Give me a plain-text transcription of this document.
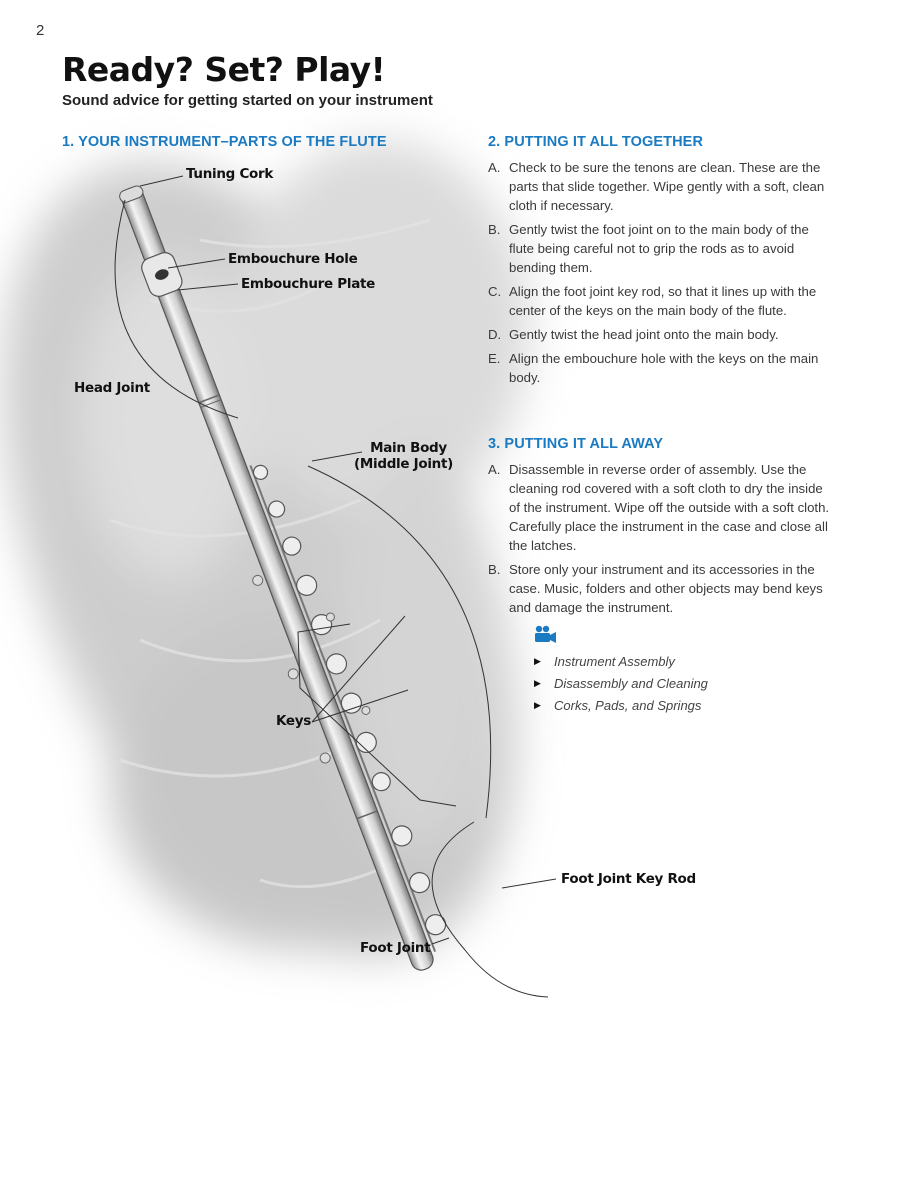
2
Ready? Set? Play!
Sound advice for getting started on your instrument
Tuning Cork
Embouchure Hole
Embouchure Plate
Head Joint
Main Body
(Middle Joint)
Keys
Foot Joint Key Rod
Foot Joint
1. YOUR INSTRUMENT–PARTS OF THE FLUTE	2. PUTTING IT ALL TOGETHER
3. PUTTING IT ALL AWAY
A. Check to be sure the tenons are clean. These are the parts that slide together. Wipe gently with a soft, clean cloth if necessary.
B. Gently twist the foot joint on to the main body of the flute being careful not to grip the rods as to avoid bending them.
C. Align the foot joint key rod, so that it lines up with the center of the keys on the main body of the flute.
D. Gently twist the head joint onto the main body.
E. Align the embouchure hole with the keys on the main body.
A. Disassemble in reverse order of assembly. Use the cleaning rod covered with a soft cloth to dry the inside of the instrument. Wipe off the outside with a soft cloth. Carefully place the instrument in the case and close all the latches.
B. Store only your instrument and its accessories in the case. Music, folders and other objects may bend keys and damage the instrument.
▶	Instrument Assembly
▶	Disassembly and Cleaning
▶	Corks, Pads, and Springs
